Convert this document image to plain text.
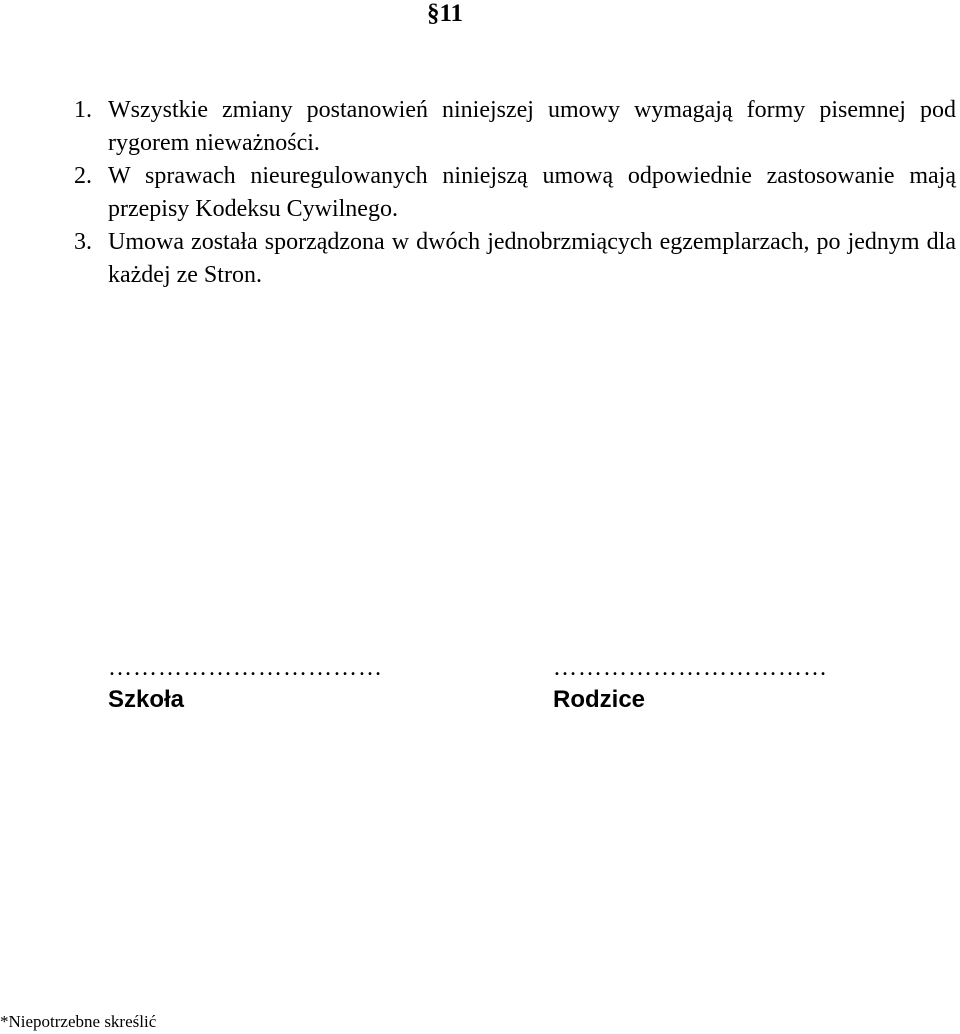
§11
1. Wszystkie zmiany postanowień niniejszej umowy wymagają formy pisemnej pod rygorem nieważności.
2. W sprawach nieuregulowanych niniejszą umową odpowiednie zastosowanie mają przepisy Kodeksu Cywilnego.
3. Umowa została sporządzona w dwóch jednobrzmiących egzemplarzach, po jednym dla każdej ze Stron.
……………………………
Szkoła
……………………………
Rodzice
*Niepotrzebne skreślić
